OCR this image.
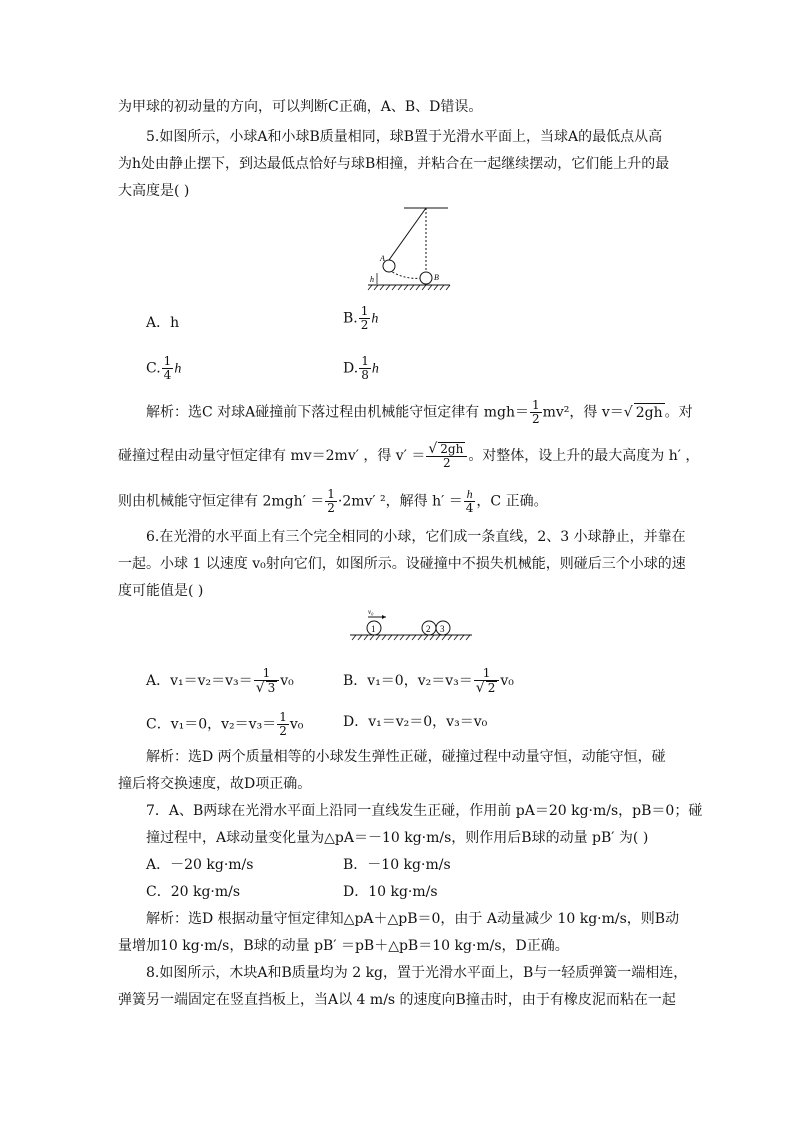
为甲球的初动量的方向，可以判断C正确，A、B、D错误。
5.如图所示，小球A和小球B质量相同，球B置于光滑水平面上，当球A的最低点从高
为h处由静止摆下，到达最低点恰好与球B相撞，并粘合在一起继续摆动，它们能上升的最
大高度是( )
h
A
B
A．h	B. $\frac{1}{2}$ h
C. $\frac{1}{4}$ h	D. $\frac{1}{8}$ h
解析：选C 对球A碰撞前下落过程由机械能守恒定律有 $mgh= \frac{1}{2} mv^2$，得 v＝√ 2gh 。对
碰撞过程由动量守恒定律有 mv＝2mv′ ，得 $v' = \frac{√ 2gh}{2}$ 。对整体，设上升的最大高度为 h′ ，
则由机械能守恒定律有 $2mgh' = \frac{1}{2} \cdot 2mv'$ ²，解得 $h' = \frac{h}{4}$ ，C 正确。
6.在光滑的水平面上有三个完全相同的小球，它们成一条直线，2、3 小球静止，并靠在
一起。小球 1 以速度 v₀射向它们，如图所示。设碰撞中不损失机械能，则碰后三个小球的速
度可能值是( )
v₀
1	2 3
A．$v_1=v_2=v_3= \frac{1}{√ 3} v_0$	B．v₁＝0，$v_2=v_3= \frac{1}{√ 2} v_0$
C．v₁＝0，$v_2=v_3= \frac{1}{2} v_0$	D．v₁＝v₂＝0，v₃＝v₀
解析：选D 两个质量相等的小球发生弹性正碰，碰撞过程中动量守恒，动能守恒，碰
撞后将交换速度，故D项正确。
7．A、B两球在光滑水平面上沿同一直线发生正碰，作用前 pA＝20 kg·m/s，pB＝0；碰
撞过程中，A球动量变化量为△pA＝－10 kg·m/s，则作用后B球的动量 pB′ 为( )
A．－20 kg·m/s	B．－10 kg·m/s
C．20 kg·m/s	D．10 kg·m/s
解析：选D 根据动量守恒定律知△pA＋△pB＝0，由于 A动量减少 10 kg·m/s，则B动
量增加10 kg·m/s，B球的动量 pB′ ＝pB＋△pB＝10 kg·m/s，D正确。
8.如图所示，木块A和B质量均为 2 kg，置于光滑水平面上，B与一轻质弹簧一端相连，
弹簧另一端固定在竖直挡板上，当A以 4 m/s 的速度向B撞击时，由于有橡皮泥而粘在一起
